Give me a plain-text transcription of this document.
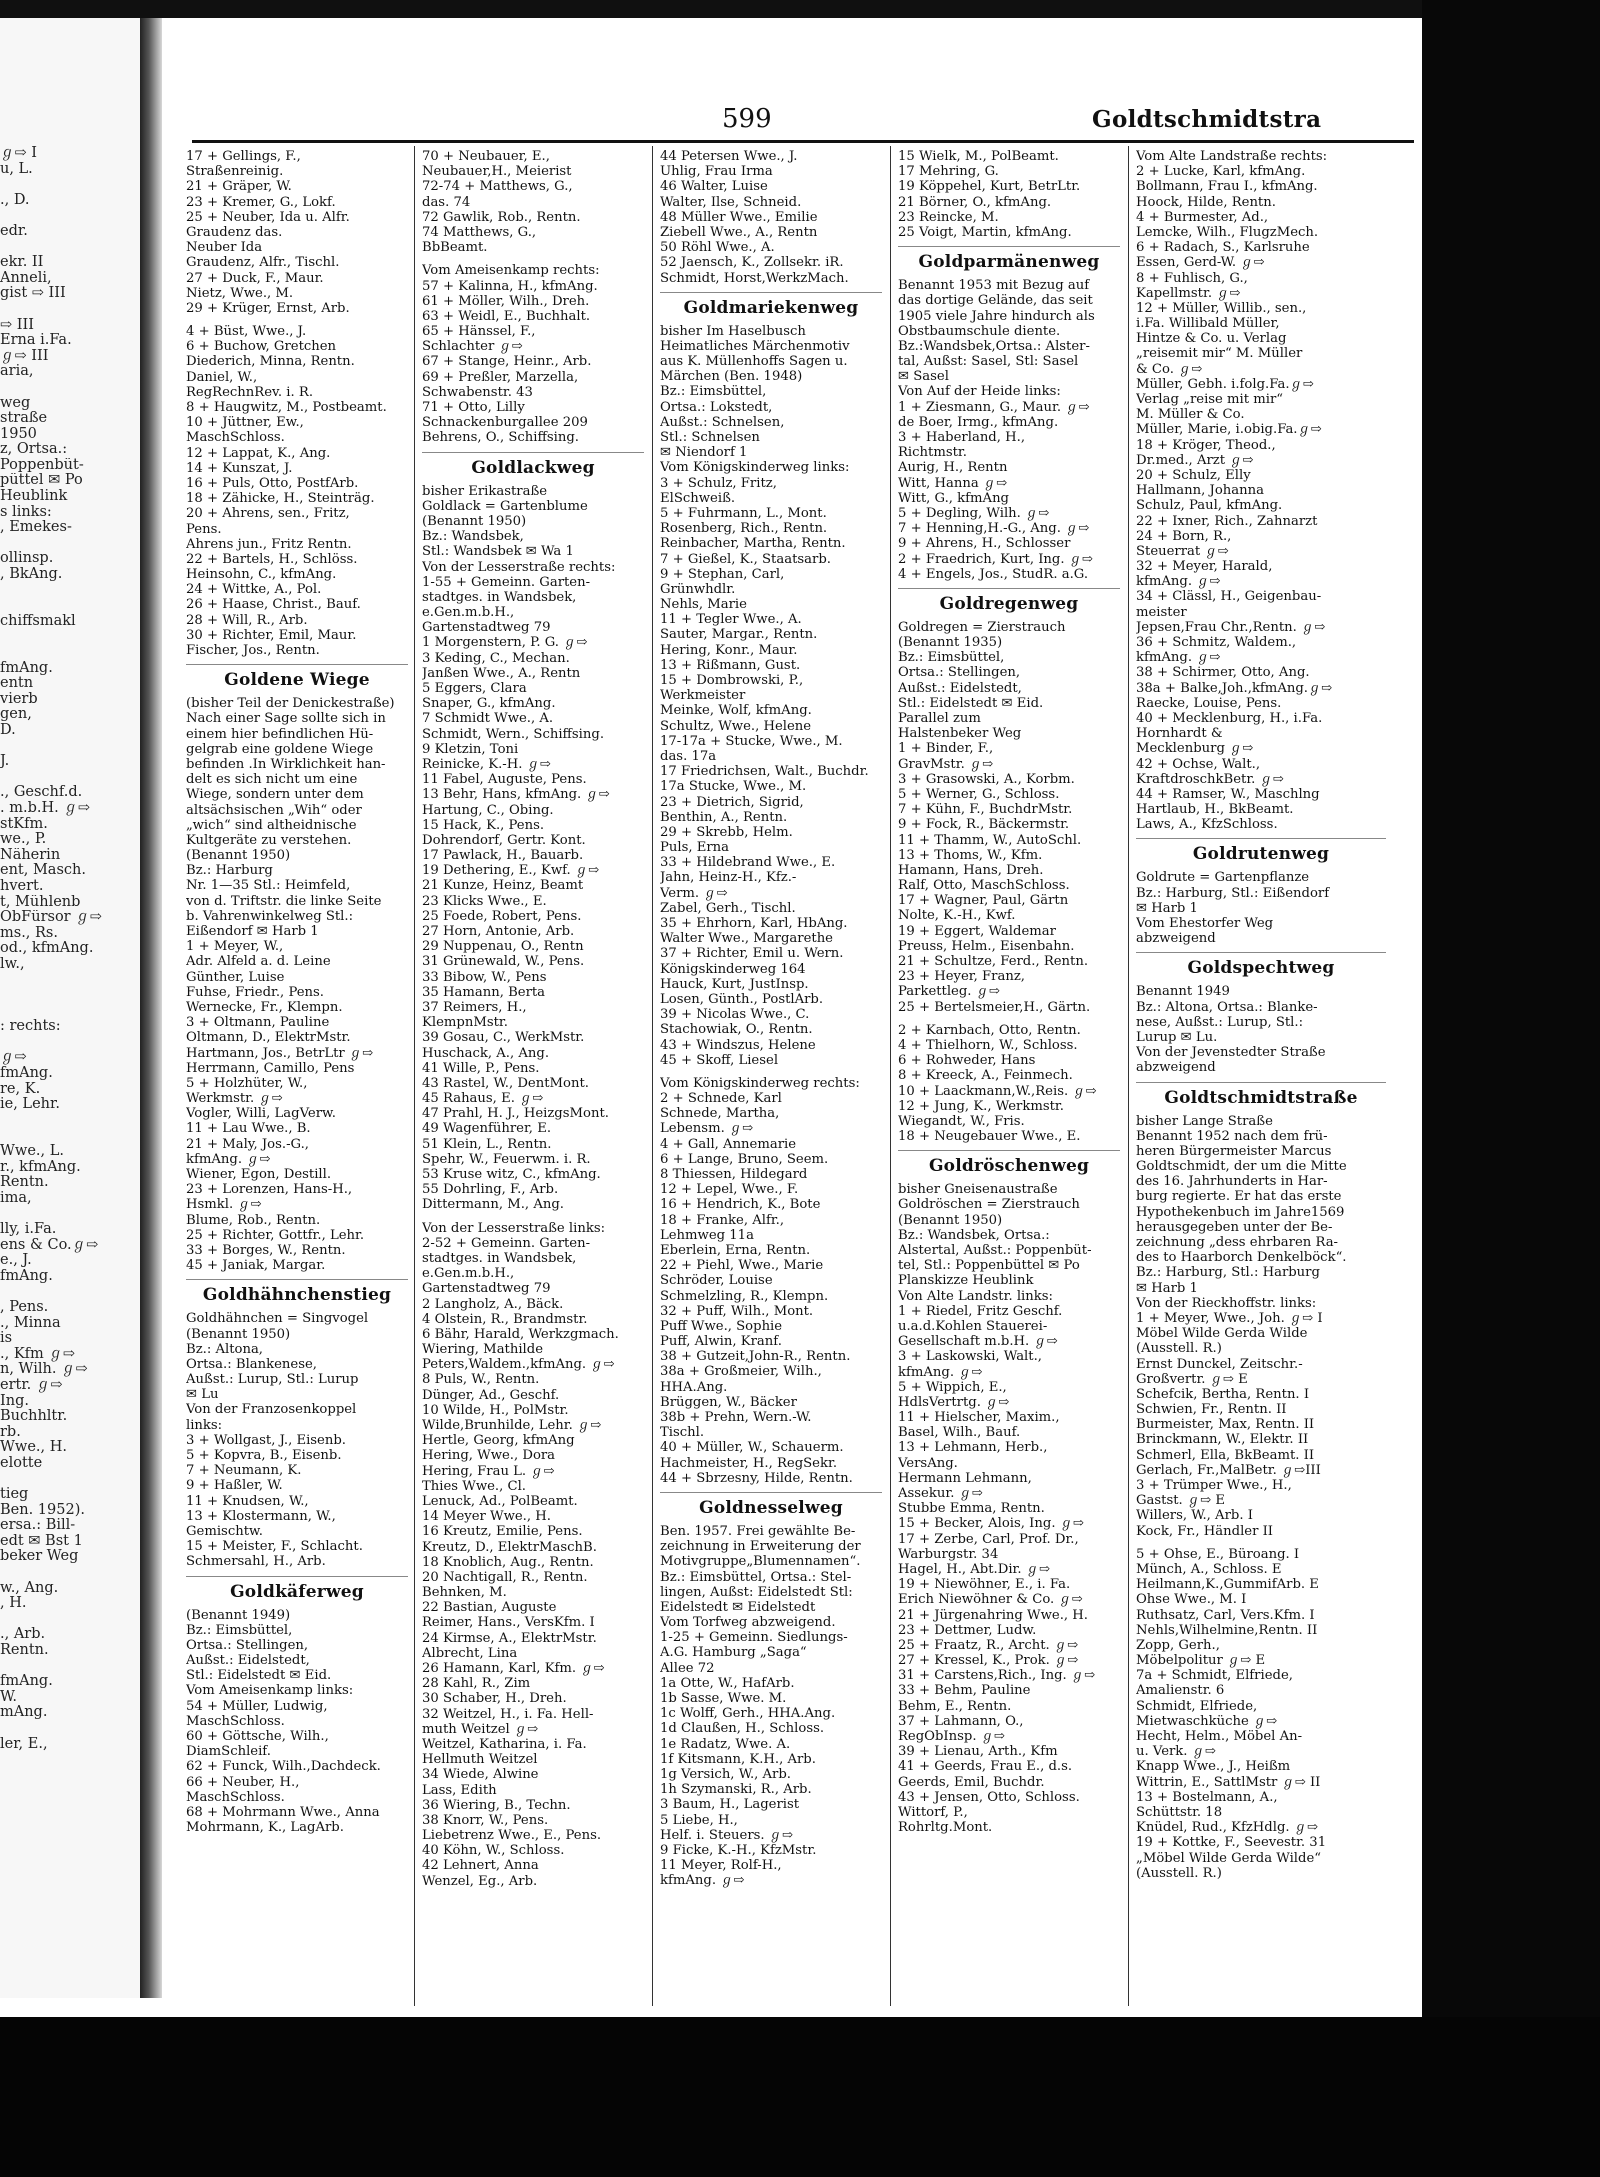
ℊ⇨ I
u, L.
., D.
edr.
ekr. II
Anneli,
gist ⇨ III
⇨ III
Erna i.Fa.
ℊ⇨ III
aria,
weg
straße
1950
z, Ortsa.:
Poppenbüt-
püttel ✉ Po
Heublink
s links:
, Emekes-
ollinsp.
, BkAng.
chiffsmakl
fmAng.
entn
vierb
gen,
D.
J.
., Geschf.d.
. m.b.H. ℊ⇨
stKfm.
we., P.
Näherin
ent, Masch.
hvert.
t, Mühlenb
ObFürsor ℊ⇨
ms., Rs.
od., kfmAng.
lw.,
: rechts:
ℊ⇨
fmAng.
re, K.
ie, Lehr.
Wwe., L.
r., kfmAng.
Rentn.
ima,
lly, i.Fa.
ens & Co.ℊ⇨
e., J.
fmAng.
, Pens.
., Minna
is
., Kfm ℊ⇨
n, Wilh. ℊ⇨
ertr. ℊ⇨
Ing.
Buchhltr.
rb.
Wwe., H.
elotte
tieg
Ben. 1952).
ersa.: Bill-
edt ✉ Bst 1
beker Weg
w., Ang.
, H.
., Arb.
Rentn.
fmAng.
W.
mAng.
ler, E.,
599	Goldtschmidtstra
17 + Gellings, F.,
Straßenreinig.
21 + Gräper, W.
23 + Kremer, G., Lokf.
25 + Neuber, Ida u. Alfr.
Graudenz das.
Neuber Ida
Graudenz, Alfr., Tischl.
27 + Duck, F., Maur.
Nietz, Wwe., M.
29 + Krüger, Ernst, Arb.
4 + Büst, Wwe., J.
6 + Buchow, Gretchen
Diederich, Minna, Rentn.
Daniel, W.,
RegRechnRev. i. R.
8 + Haugwitz, M., Postbeamt.
10 + Jüttner, Ew.,
MaschSchloss.
12 + Lappat, K., Ang.
14 + Kunszat, J.
16 + Puls, Otto, PostfArb.
18 + Zähicke, H., Steinträg.
20 + Ahrens, sen., Fritz,
Pens.
Ahrens jun., Fritz Rentn.
22 + Bartels, H., Schlöss.
Heinsohn, C., kfmAng.
24 + Wittke, A., Pol.
26 + Haase, Christ., Bauf.
28 + Will, R., Arb.
30 + Richter, Emil, Maur.
Fischer, Jos., Rentn.
Goldene Wiege
(bisher Teil der Denickestraße)
Nach einer Sage sollte sich in
einem hier befindlichen Hü-
gelgrab eine goldene Wiege
befinden .In Wirklichkeit han-
delt es sich nicht um eine
Wiege, sondern unter dem
altsächsischen „Wih“ oder
„wich“ sind altheidnische
Kultgeräte zu verstehen.
(Benannt 1950)
Bz.: Harburg
Nr. 1—35 Stl.: Heimfeld,
von d. Triftstr. die linke Seite
b. Vahrenwinkelweg Stl.:
Eißendorf ✉ Harb 1
1 + Meyer, W.,
Adr. Alfeld a. d. Leine
Günther, Luise
Fuhse, Friedr., Pens.
Wernecke, Fr., Klempn.
3 + Oltmann, Pauline
Oltmann, D., ElektrMstr.
Hartmann, Jos., BetrLtr ℊ⇨
Herrmann, Camillo, Pens
5 + Holzhüter, W.,
Werkmstr. ℊ⇨
Vogler, Willi, LagVerw.
11 + Lau Wwe., B.
21 + Maly, Jos.-G.,
kfmAng. ℊ⇨
Wiener, Egon, Destill.
23 + Lorenzen, Hans-H.,
Hsmkl. ℊ⇨
Blume, Rob., Rentn.
25 + Richter, Gottfr., Lehr.
33 + Borges, W., Rentn.
45 + Janiak, Margar.
Goldhähnchenstieg
Goldhähnchen = Singvogel
(Benannt 1950)
Bz.: Altona,
Ortsa.: Blankenese,
Außst.: Lurup, Stl.: Lurup
✉ Lu
Von der Franzosenkoppel
links:
3 + Wollgast, J., Eisenb.
5 + Kopvra, B., Eisenb.
7 + Neumann, K.
9 + Haßler, W.
11 + Knudsen, W.,
13 + Klostermann, W.,
Gemischtw.
15 + Meister, F., Schlacht.
Schmersahl, H., Arb.
Goldkäferweg
(Benannt 1949)
Bz.: Eimsbüttel,
Ortsa.: Stellingen,
Außst.: Eidelstedt,
Stl.: Eidelstedt ✉ Eid.
Vom Ameisenkamp links:
54 + Müller, Ludwig,
MaschSchloss.
60 + Göttsche, Wilh.,
DiamSchleif.
62 + Funck, Wilh.,Dachdeck.
66 + Neuber, H.,
MaschSchloss.
68 + Mohrmann Wwe., Anna
Mohrmann, K., LagArb.
70 + Neubauer, E.,
Neubauer,H., Meierist
72-74 + Matthews, G.,
das. 74
72 Gawlik, Rob., Rentn.
74 Matthews, G.,
BbBeamt.
Vom Ameisenkamp rechts:
57 + Kalinna, H., kfmAng.
61 + Möller, Wilh., Dreh.
63 + Weidl, E., Buchhalt.
65 + Hänssel, F.,
Schlachter ℊ⇨
67 + Stange, Heinr., Arb.
69 + Preßler, Marzella,
Schwabenstr. 43
71 + Otto, Lilly
Schnackenburgallee 209
Behrens, O., Schiffsing.
Goldlackweg
bisher Erikastraße
Goldlack = Gartenblume
(Benannt 1950)
Bz.: Wandsbek,
Stl.: Wandsbek ✉ Wa 1
Von der Lesserstraße rechts:
1-55 + Gemeinn. Garten-
stadtges. in Wandsbek,
e.Gen.m.b.H.,
Gartenstadtweg 79
1 Morgenstern, P. G. ℊ⇨
3 Keding, C., Mechan.
Janßen Wwe., A., Rentn
5 Eggers, Clara
Snaper, G., kfmAng.
7 Schmidt Wwe., A.
Schmidt, Wern., Schiffsing.
9 Kletzin, Toni
Reinicke, K.-H. ℊ⇨
11 Fabel, Auguste, Pens.
13 Behr, Hans, kfmAng. ℊ⇨
Hartung, C., Obing.
15 Hack, K., Pens.
Dohrendorf, Gertr. Kont.
17 Pawlack, H., Bauarb.
19 Dethering, E., Kwf. ℊ⇨
21 Kunze, Heinz, Beamt
23 Klicks Wwe., E.
25 Foede, Robert, Pens.
27 Horn, Antonie, Arb.
29 Nuppenau, O., Rentn
31 Grünewald, W., Pens.
33 Bibow, W., Pens
35 Hamann, Berta
37 Reimers, H.,
KlempnMstr.
39 Gosau, C., WerkMstr.
Huschack, A., Ang.
41 Wille, P., Pens.
43 Rastel, W., DentMont.
45 Rahaus, E. ℊ⇨
47 Prahl, H. J., HeizgsMont.
49 Wagenführer, E.
51 Klein, L., Rentn.
Spehr, W., Feuerwm. i. R.
53 Kruse witz, C., kfmAng.
55 Dohrling, F., Arb.
Dittermann, M., Ang.
Von der Lesserstraße links:
2-52 + Gemeinn. Garten-
stadtges. in Wandsbek,
e.Gen.m.b.H.,
Gartenstadtweg 79
2 Langholz, A., Bäck.
4 Olstein, R., Brandmstr.
6 Bähr, Harald, Werkzgmach.
Wiering, Mathilde
Peters,Waldem.,kfmAng. ℊ⇨
8 Puls, W., Rentn.
Dünger, Ad., Geschf.
10 Wilde, H., PolMstr.
Wilde,Brunhilde, Lehr. ℊ⇨
Hertle, Georg, kfmAng
Hering, Wwe., Dora
Hering, Frau L. ℊ⇨
Thies Wwe., Cl.
Lenuck, Ad., PolBeamt.
14 Meyer Wwe., H.
16 Kreutz, Emilie, Pens.
Kreutz, D., ElektrMaschB.
18 Knoblich, Aug., Rentn.
20 Nachtigall, R., Rentn.
Behnken, M.
22 Bastian, Auguste
Reimer, Hans., VersKfm. I
24 Kirmse, A., ElektrMstr.
Albrecht, Lina
26 Hamann, Karl, Kfm. ℊ⇨
28 Kahl, R., Zim
30 Schaber, H., Dreh.
32 Weitzel, H., i. Fa. Hell-
muth Weitzel ℊ⇨
Weitzel, Katharina, i. Fa.
Hellmuth Weitzel
34 Wiede, Alwine
Lass, Edith
36 Wiering, B., Techn.
38 Knorr, W., Pens.
Liebetrenz Wwe., E., Pens.
40 Köhn, W., Schloss.
42 Lehnert, Anna
Wenzel, Eg., Arb.
44 Petersen Wwe., J.
Uhlig, Frau Irma
46 Walter, Luise
Walter, Ilse, Schneid.
48 Müller Wwe., Emilie
Ziebell Wwe., A., Rentn
50 Röhl Wwe., A.
52 Jaensch, K., Zollsekr. iR.
Schmidt, Horst,WerkzMach.
Goldmariekenweg
bisher Im Haselbusch
Heimatliches Märchenmotiv
aus K. Müllenhoffs Sagen u.
Märchen (Ben. 1948)
Bz.: Eimsbüttel,
Ortsa.: Lokstedt,
Außst.: Schnelsen,
Stl.: Schnelsen
✉ Niendorf 1
Vom Königskinderweg links:
3 + Schulz, Fritz,
ElSchweiß.
5 + Fuhrmann, L., Mont.
Rosenberg, Rich., Rentn.
Reinbacher, Martha, Rentn.
7 + Gießel, K., Staatsarb.
9 + Stephan, Carl,
Grünwhdlr.
Nehls, Marie
11 + Tegler Wwe., A.
Sauter, Margar., Rentn.
Hering, Konr., Maur.
13 + Rißmann, Gust.
15 + Dombrowski, P.,
Werkmeister
Meinke, Wolf, kfmAng.
Schultz, Wwe., Helene
17-17a + Stucke, Wwe., M.
das. 17a
17 Friedrichsen, Walt., Buchdr.
17a Stucke, Wwe., M.
23 + Dietrich, Sigrid,
Benthin, A., Rentn.
29 + Skrebb, Helm.
Puls, Erna
33 + Hildebrand Wwe., E.
Jahn, Heinz-H., Kfz.-
Verm. ℊ⇨
Zabel, Gerh., Tischl.
35 + Ehrhorn, Karl, HbAng.
Walter Wwe., Margarethe
37 + Richter, Emil u. Wern.
Königskinderweg 164
Hauck, Kurt, JustInsp.
Losen, Günth., PostlArb.
39 + Nicolas Wwe., C.
Stachowiak, O., Rentn.
43 + Windszus, Helene
45 + Skoff, Liesel
Vom Königskinderweg rechts:
2 + Schnede, Karl
Schnede, Martha,
Lebensm. ℊ⇨
4 + Gall, Annemarie
6 + Lange, Bruno, Seem.
8 Thiessen, Hildegard
12 + Lepel, Wwe., F.
16 + Hendrich, K., Bote
18 + Franke, Alfr.,
Lehmweg 11a
Eberlein, Erna, Rentn.
22 + Piehl, Wwe., Marie
Schröder, Louise
Schmelzling, R., Klempn.
32 + Puff, Wilh., Mont.
Puff Wwe., Sophie
Puff, Alwin, Kranf.
38 + Gutzeit,John-R., Rentn.
38a + Großmeier, Wilh.,
HHA.Ang.
Brüggen, W., Bäcker
38b + Prehn, Wern.-W.
Tischl.
40 + Müller, W., Schauerm.
Hachmeister, H., RegSekr.
44 + Sbrzesny, Hilde, Rentn.
Goldnesselweg
Ben. 1957. Frei gewählte Be-
zeichnung in Erweiterung der
Motivgruppe„Blumennamen“.
Bz.: Eimsbüttel, Ortsa.: Stel-
lingen, Außst: Eidelstedt Stl:
Eidelstedt ✉ Eidelstedt
Vom Torfweg abzweigend.
1-25 + Gemeinn. Siedlungs-
A.G. Hamburg „Saga“
Allee 72
1a Otte, W., HafArb.
1b Sasse, Wwe. M.
1c Wolff, Gerh., HHA.Ang.
1d Claußen, H., Schloss.
1e Radatz, Wwe. A.
1f Kitsmann, K.H., Arb.
1g Versich, W., Arb.
1h Szymanski, R., Arb.
3 Baum, H., Lagerist
5 Liebe, H.,
Helf. i. Steuers. ℊ⇨
9 Ficke, K.-H., KfzMstr.
11 Meyer, Rolf-H.,
kfmAng. ℊ⇨
15 Wielk, M., PolBeamt.
17 Mehring, G.
19 Köppehel, Kurt, BetrLtr.
21 Börner, O., kfmAng.
23 Reincke, M.
25 Voigt, Martin, kfmAng.
Goldparmänenweg
Benannt 1953 mit Bezug auf
das dortige Gelände, das seit
1905 viele Jahre hindurch als
Obstbaumschule diente.
Bz.:Wandsbek,Ortsa.: Alster-
tal, Außst: Sasel, Stl: Sasel
✉ Sasel
Von Auf der Heide links:
1 + Ziesmann, G., Maur. ℊ⇨
de Boer, Irmg., kfmAng.
3 + Haberland, H.,
Richtmstr.
Aurig, H., Rentn
Witt, Hanna ℊ⇨
Witt, G., kfmAng
5 + Degling, Wilh. ℊ⇨
7 + Henning,H.-G., Ang. ℊ⇨
9 + Ahrens, H., Schlosser
2 + Fraedrich, Kurt, Ing. ℊ⇨
4 + Engels, Jos., StudR. a.G.
Goldregenweg
Goldregen = Zierstrauch
(Benannt 1935)
Bz.: Eimsbüttel,
Ortsa.: Stellingen,
Außst.: Eidelstedt,
Stl.: Eidelstedt ✉ Eid.
Parallel zum
Halstenbeker Weg
1 + Binder, F.,
GravMstr. ℊ⇨
3 + Grasowski, A., Korbm.
5 + Werner, G., Schloss.
7 + Kühn, F., BuchdrMstr.
9 + Fock, R., Bäckermstr.
11 + Thamm, W., AutoSchl.
13 + Thoms, W., Kfm.
Hamann, Hans, Dreh.
Ralf, Otto, MaschSchloss.
17 + Wagner, Paul, Gärtn
Nolte, K.-H., Kwf.
19 + Eggert, Waldemar
Preuss, Helm., Eisenbahn.
21 + Schultze, Ferd., Rentn.
23 + Heyer, Franz,
Parkettleg. ℊ⇨
25 + Bertelsmeier,H., Gärtn.
2 + Karnbach, Otto, Rentn.
4 + Thielhorn, W., Schloss.
6 + Rohweder, Hans
8 + Kreeck, A., Feinmech.
10 + Laackmann,W.,Reis. ℊ⇨
12 + Jung, K., Werkmstr.
Wiegandt, W., Fris.
18 + Neugebauer Wwe., E.
Goldröschenweg
bisher Gneisenaustraße
Goldröschen = Zierstrauch
(Benannt 1950)
Bz.: Wandsbek, Ortsa.:
Alstertal, Außst.: Poppenbüt-
tel, Stl.: Poppenbüttel ✉ Po
Planskizze Heublink
Von Alte Landstr. links:
1 + Riedel, Fritz Geschf.
u.a.d.Kohlen Stauerei-
Gesellschaft m.b.H. ℊ⇨
3 + Laskowski, Walt.,
kfmAng. ℊ⇨
5 + Wippich, E.,
HdlsVertrtg. ℊ⇨
11 + Hielscher, Maxim.,
Basel, Wilh., Bauf.
13 + Lehmann, Herb.,
VersAng.
Hermann Lehmann,
Assekur. ℊ⇨
Stubbe Emma, Rentn.
15 + Becker, Alois, Ing. ℊ⇨
17 + Zerbe, Carl, Prof. Dr.,
Warburgstr. 34
Hagel, H., Abt.Dir. ℊ⇨
19 + Niewöhner, E., i. Fa.
Erich Niewöhner & Co. ℊ⇨
21 + Jürgenahring Wwe., H.
23 + Dettmer, Ludw.
25 + Fraatz, R., Archt. ℊ⇨
27 + Kressel, K., Prok. ℊ⇨
31 + Carstens,Rich., Ing. ℊ⇨
33 + Behm, Pauline
Behm, E., Rentn.
37 + Lahmann, O.,
RegObInsp. ℊ⇨
39 + Lienau, Arth., Kfm
41 + Geerds, Frau E., d.s.
Geerds, Emil, Buchdr.
43 + Jensen, Otto, Schloss.
Wittorf, P.,
Rohrltg.Mont.
Vom Alte Landstraße rechts:
2 + Lucke, Karl, kfmAng.
Bollmann, Frau I., kfmAng.
Hoock, Hilde, Rentn.
4 + Burmester, Ad.,
Lemcke, Wilh., FlugzMech.
6 + Radach, S., Karlsruhe
Essen, Gerd-W. ℊ⇨
8 + Fuhlisch, G.,
Kapellmstr. ℊ⇨
12 + Müller, Willib., sen.,
i.Fa. Willibald Müller,
Hintze & Co. u. Verlag
„reisemit mir“ M. Müller
& Co. ℊ⇨
Müller, Gebh. i.folg.Fa.ℊ⇨
Verlag „reise mit mir“
M. Müller & Co.
Müller, Marie, i.obig.Fa.ℊ⇨
18 + Kröger, Theod.,
Dr.med., Arzt ℊ⇨
20 + Schulz, Elly
Hallmann, Johanna
Schulz, Paul, kfmAng.
22 + Ixner, Rich., Zahnarzt
24 + Born, R.,
Steuerrat ℊ⇨
32 + Meyer, Harald,
kfmAng. ℊ⇨
34 + Clässl, H., Geigenbau-
meister
Jepsen,Frau Chr.,Rentn. ℊ⇨
36 + Schmitz, Waldem.,
kfmAng. ℊ⇨
38 + Schirmer, Otto, Ang.
38a + Balke,Joh.,kfmAng.ℊ⇨
Raecke, Louise, Pens.
40 + Mecklenburg, H., i.Fa.
Hornhardt &
Mecklenburg ℊ⇨
42 + Ochse, Walt.,
KraftdroschkBetr. ℊ⇨
44 + Ramser, W., Maschlng
Hartlaub, H., BkBeamt.
Laws, A., KfzSchloss.
Goldrutenweg
Goldrute = Gartenpflanze
Bz.: Harburg, Stl.: Eißendorf
✉ Harb 1
Vom Ehestorfer Weg
abzweigend
Goldspechtweg
Benannt 1949
Bz.: Altona, Ortsa.: Blanke-
nese, Außst.: Lurup, Stl.:
Lurup ✉ Lu.
Von der Jevenstedter Straße
abzweigend
Goldtschmidtstraße
bisher Lange Straße
Benannt 1952 nach dem frü-
heren Bürgermeister Marcus
Goldtschmidt, der um die Mitte
des 16. Jahrhunderts in Har-
burg regierte. Er hat das erste
Hypothekenbuch im Jahre1569
herausgegeben unter der Be-
zeichnung „dess ehrbaren Ra-
des to Haarborch Denkelböck“.
Bz.: Harburg, Stl.: Harburg
✉ Harb 1
Von der Rieckhoffstr. links:
1 + Meyer, Wwe., Joh. ℊ⇨ I
Möbel Wilde Gerda Wilde
(Ausstell. R.)
Ernst Dunckel, Zeitschr.-
Großvertr. ℊ⇨ E
Schefcik, Bertha, Rentn. I
Schwien, Fr., Rentn. II
Burmeister, Max, Rentn. II
Brinckmann, W., Elektr. II
Schmerl, Ella, BkBeamt. II
Gerlach, Fr.,MalBetr. ℊ⇨III
3 + Trümper Wwe., H.,
Gastst. ℊ⇨ E
Willers, W., Arb. I
Kock, Fr., Händler II
5 + Ohse, E., Büroang. I
Münch, A., Schloss. E
Heilmann,K.,GummifArb. E
Ohse Wwe., M. I
Ruthsatz, Carl, Vers.Kfm. I
Nehls,Wilhelmine,Rentn. II
Zopp, Gerh.,
Möbelpolitur ℊ⇨ E
7a + Schmidt, Elfriede,
Amalienstr. 6
Schmidt, Elfriede,
Mietwaschküche ℊ⇨
Hecht, Helm., Möbel An-
u. Verk. ℊ⇨
Knapp Wwe., J., Heißm
Wittrin, E., SattlMstr ℊ⇨ II
13 + Bostelmann, A.,
Schüttstr. 18
Knüdel, Rud., KfzHdlg. ℊ⇨
19 + Kottke, F., Seevestr. 31
„Möbel Wilde Gerda Wilde“
(Ausstell. R.)
